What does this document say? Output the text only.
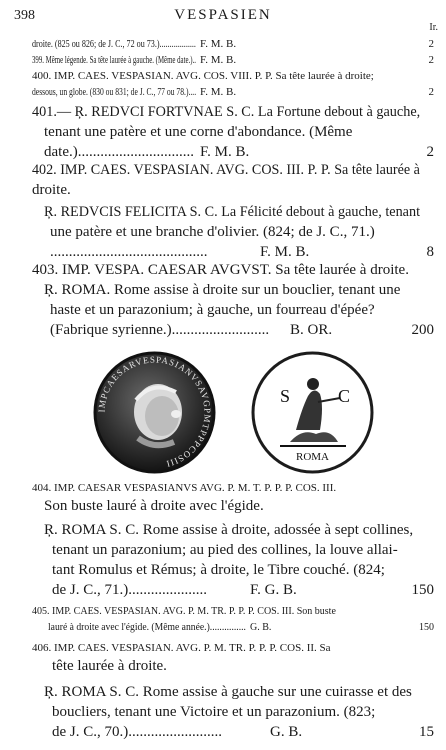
398	VESPASIEN
Ir.
droite. (825 ou 826; de J. C., 72 ou 73.).................. F. M. B.	2
399. Même légende. Sa tête laurée à gauche. (Même date.).. F. M. B.	2
400. IMP. CAES. VESPASIAN. AVG. COS. VIII. P. P. Sa tête laurée à droite;
dessous, un globe. (830 ou 831; de J. C., 77 ou 78.).... F. M. B.	2
401.— Ŗ. REDVCI FORTVNAE S. C. La Fortune debout à gauche,
tenant une patère et une corne d'abondance. (Même
date.)............................... F. M. B.	2
402. IMP. CAES. VESPASIAN. AVG. COS. III. P. P. Sa tête laurée à
droite.
Ŗ. REDVCIS FELICITA S. C. La Félicité debout à gauche, tenant
une patère et une branche d'olivier. (824; de J. C., 71.)
..........................................	F. M. B.	8
403. IMP. VESPA. CAESAR AVGVST. Sa tête laurée à droite.
Ŗ. ROMA. Rome assise à droite sur un bouclier, tenant une
haste et un parazonium; à gauche, un fourreau d'épée?
(Fabrique syrienne.).......................... B. OR.	200
404. IMP. CAESAR VESPASIANVS AVG. P. M. T. P. P. P. COS. III.
Son buste lauré à droite avec l'égide.
Ŗ. ROMA S. C. Rome assise à droite, adossée à sept collines,
tenant un parazonium; au pied des collines, la louve allai-
tant Romulus et Rémus; à droite, le Tibre couché. (824;
de J. C., 71.).....................	F. G. B.	150
405. IMP. CAES. VESPASIAN. AVG. P. M. TR. P. P. P. COS. III. Son buste
lauré à droite avec l'égide. (Même année.)............... G. B.	150
406. IMP. CAES. VESPASIAN. AVG. P. M. TR. P. P. P. COS. II. Sa
tête laurée à droite.
Ŗ. ROMA S. C. Rome assise à gauche sur une cuirasse et des
boucliers, tenant une Victoire et un parazonium. (823;
de J. C., 70.).........................	G. B.	15
IMPCAESARVESPASIANVSAVGPMTPPPCOSIII
S	C
ROMA
